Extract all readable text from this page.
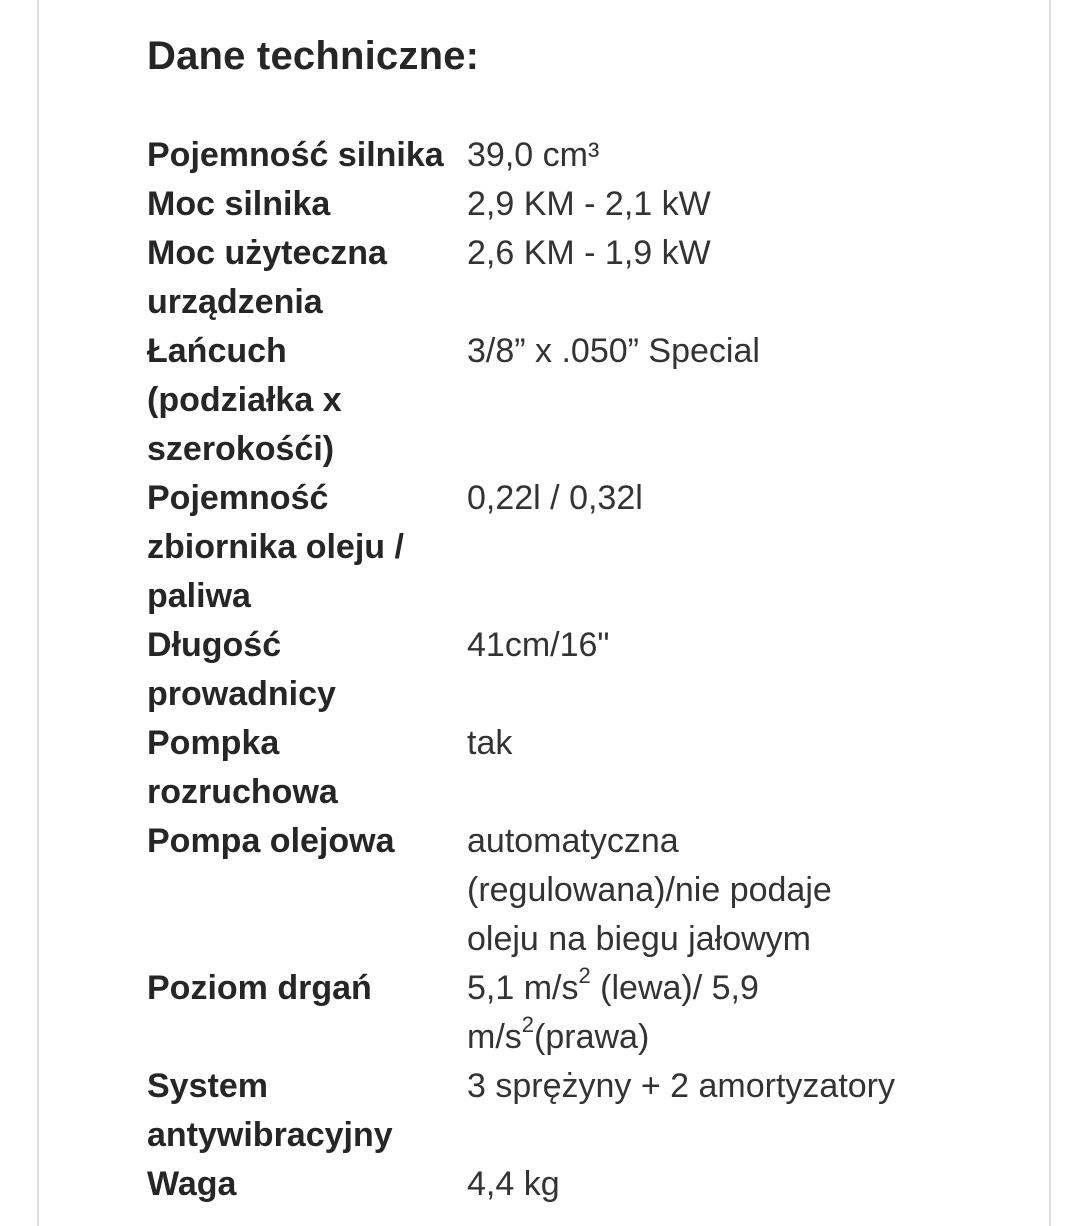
Dane techniczne:
Pojemność silnika	39,0 cm³

Moc silnika	2,9 KM - 2,1 kW

Moc użyteczna
urządzenia	2,6 KM - 1,9 kW

Łańcuch
(podziałka x
szerokośći)	3/8” x .050” Special

Pojemność
zbiornika oleju /
paliwa	0,22l / 0,32l

Długość
prowadnicy	41cm/16"

Pompka
rozruchowa	tak

Pompa olejowa	automatyczna
(regulowana)/nie podaje
oleju na biegu jałowym

Poziom drgań	5,1 $m/s^2$ (lewa)/ 5,9
$m/s^2(prawa)$

System
antywibracyjny	3 sprężyny + 2 amortyzatory

Waga	4,4 kg
